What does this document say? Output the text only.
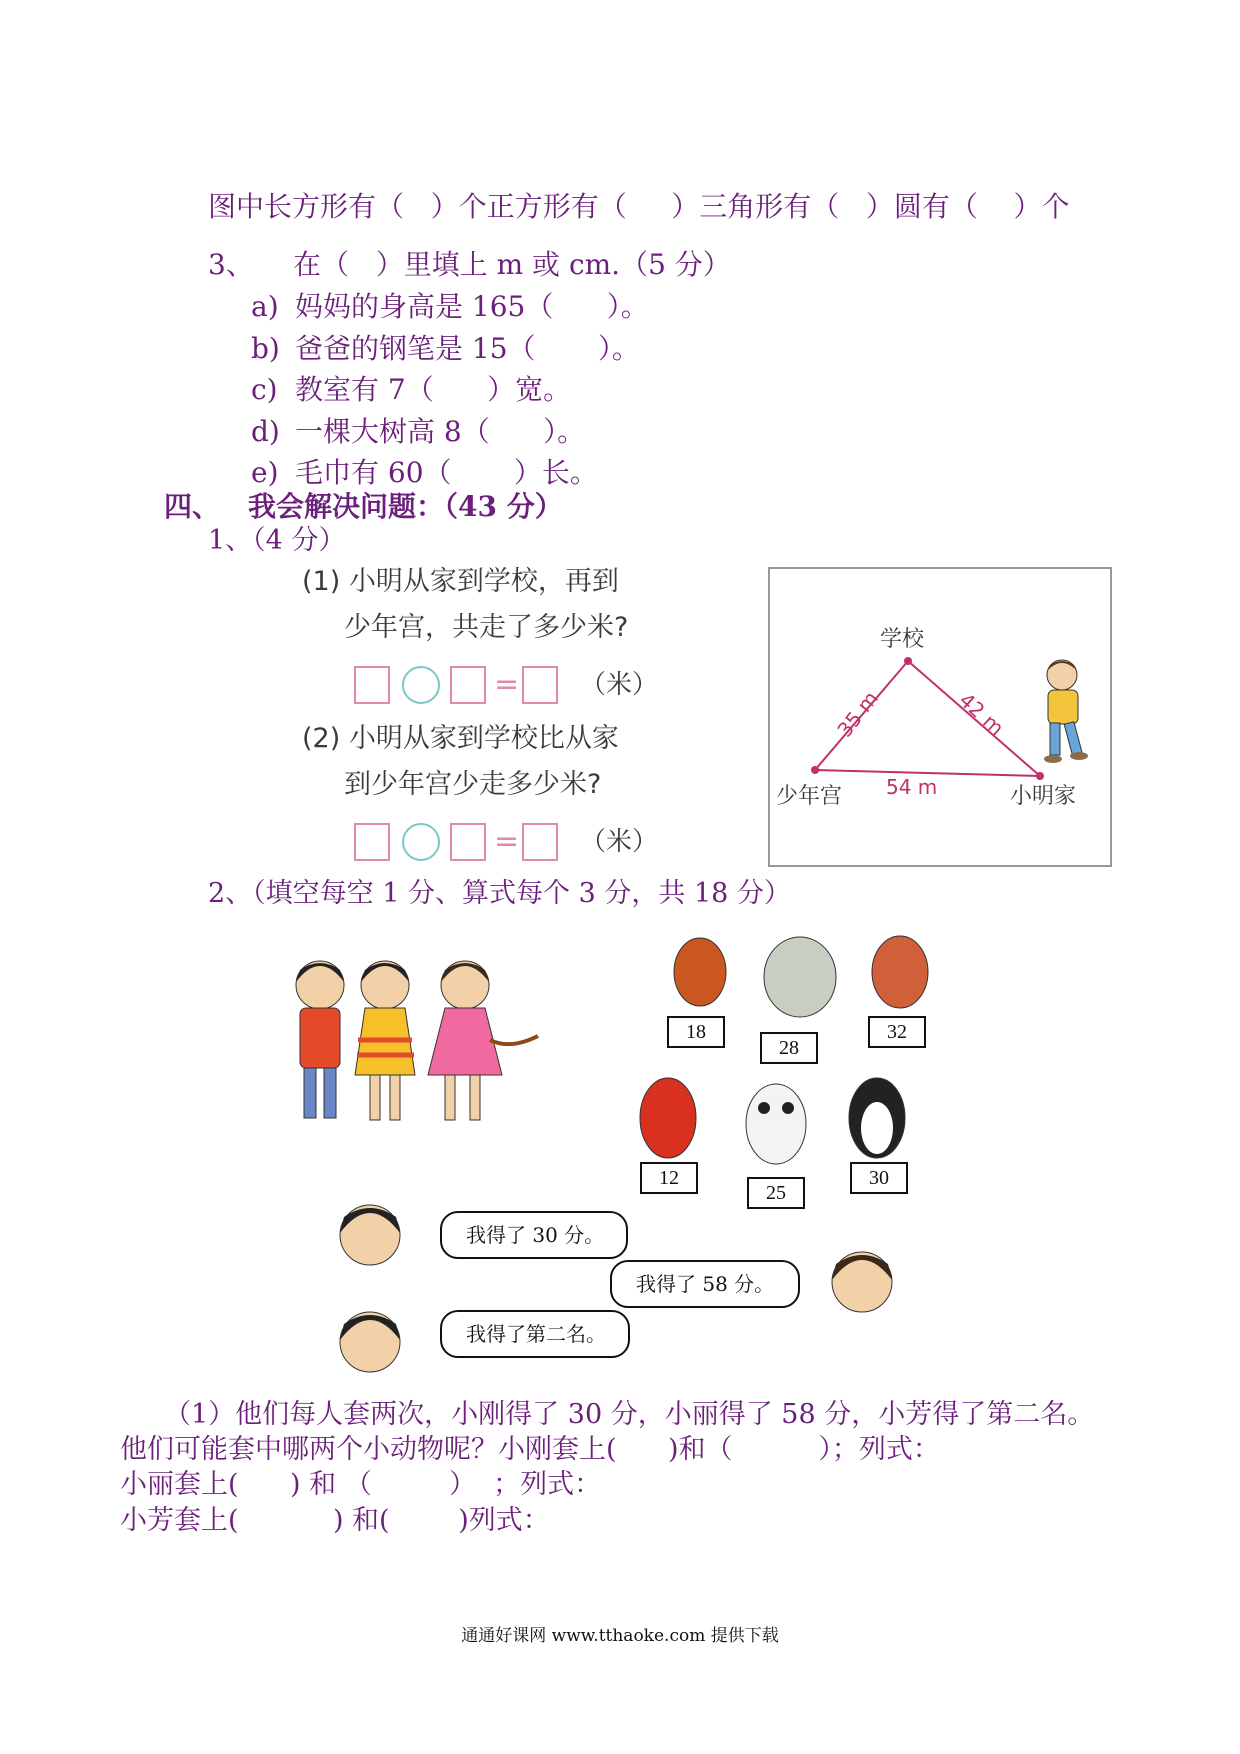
图中长方形有（   ）个正方形有（     ）三角形有（   ）圆有（    ）个
3、 在（   ）里填上 m 或 cm.（5 分）
a) 妈妈的身高是 165（      ）。
b) 爸爸的钢笔是 15（       ）。
c) 教室有 7（      ）宽。
d) 一棵大树高 8（      ）。
e) 毛巾有 60（       ）长。
四、 我会解决问题：（43 分）
1、（4 分）
(1) 小明从家到学校，再到
少年宫，共走了多少米?
= （米）
(2) 小明从家到学校比从家
到少年宫少走多少米?
= （米）
学校
少年宫	小明家
35 m	42 m
54 m
2、（填空每空 1 分、算式每个 3 分，共 18 分）
18
28
32
12
25
30
我得了 30 分。
我得了 58 分。
我得了第二名。
（1）他们每人套两次，小刚得了 30 分，小丽得了 58 分，小芳得了第二名。
他们可能套中哪两个小动物呢？小刚套上(      )和（          ）；列式：
小丽套上(      ) 和 （         ）  ；列式：
小芳套上(           ) 和(        )列式：
通通好课网 www.tthaoke.com 提供下载
